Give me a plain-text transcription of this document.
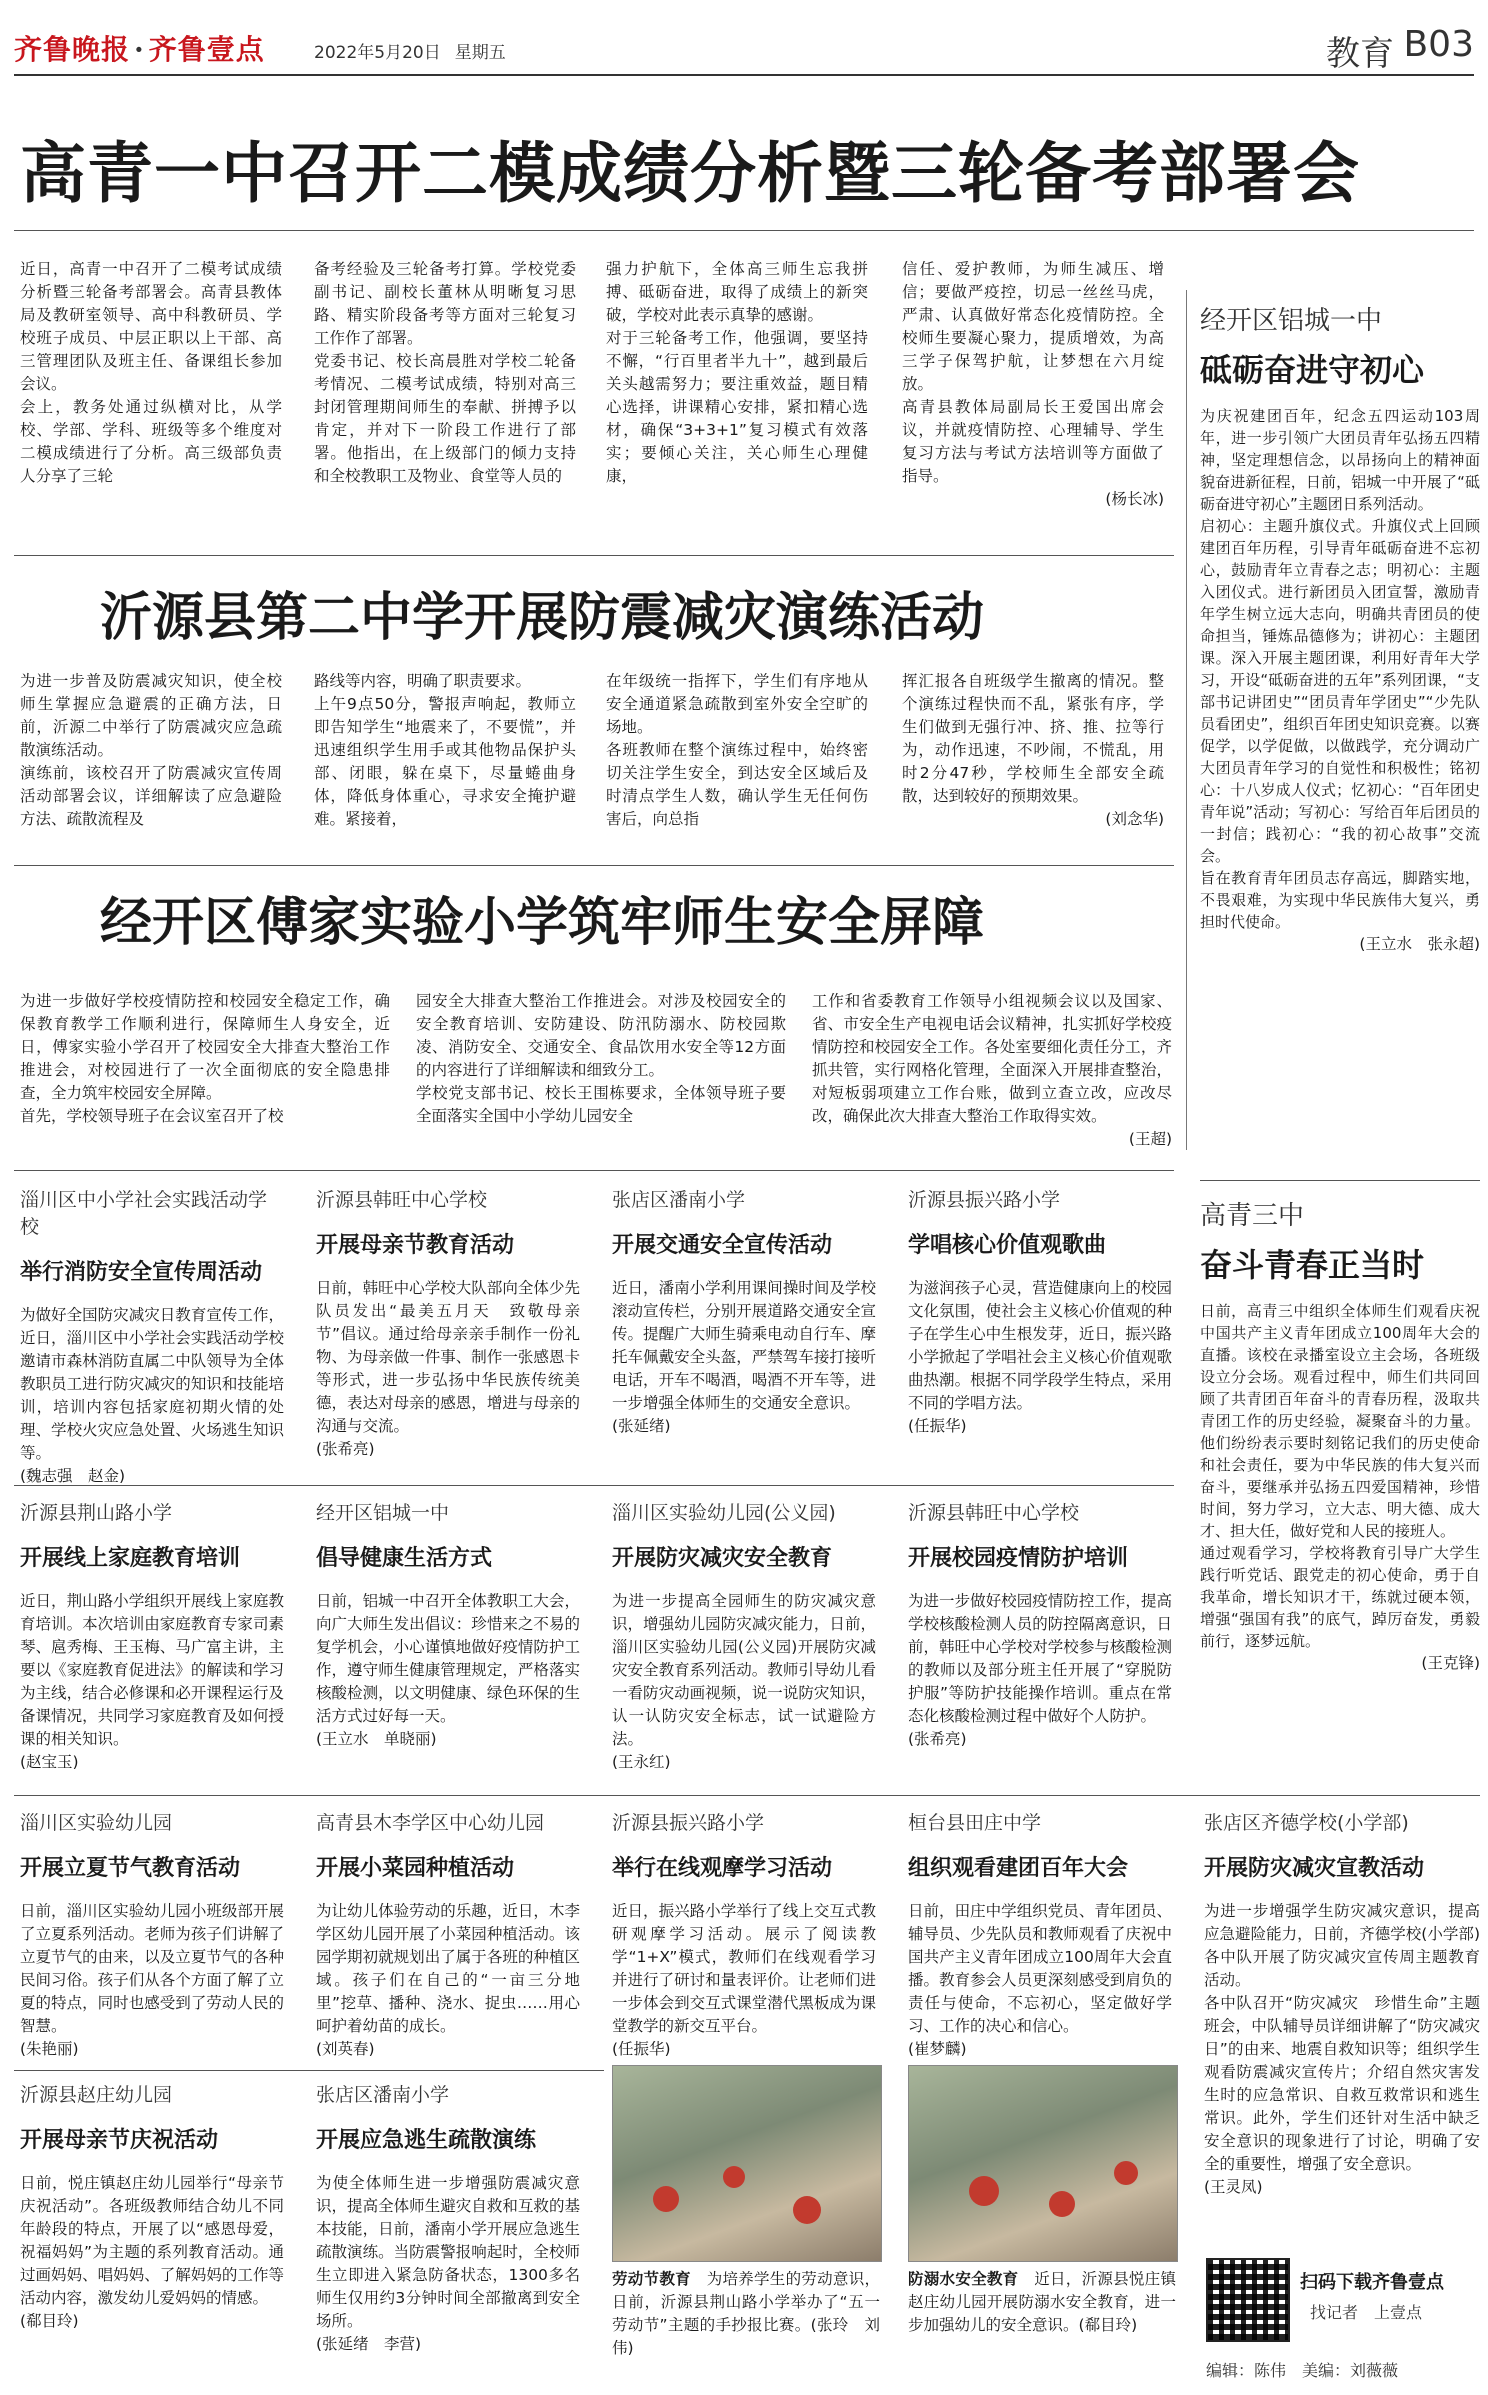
齐鲁晚报 · 齐鲁壹点	2022年5月20日 星期五	教育 B03
高青一中召开二模成绩分析暨三轮备考部署会
近日，高青一中召开了二模考试成绩分析暨三轮备考部署会。高青县教体局及教研室领导、高中科教研员、学校班子成员、中层正职以上干部、高三管理团队及班主任、备课组长参加会议。
会上，教务处通过纵横对比，从学校、学部、学科、班级等多个维度对二模成绩进行了分析。高三级部负责人分享了三轮
备考经验及三轮备考打算。学校党委副书记、副校长董林从明晰复习思路、精实阶段备考等方面对三轮复习工作作了部署。
党委书记、校长高晨胜对学校二轮备考情况、二模考试成绩，特别对高三封闭管理期间师生的奉献、拼搏予以肯定，并对下一阶段工作进行了部署。他指出，在上级部门的倾力支持和全校教职工及物业、食堂等人员的
强力护航下，全体高三师生忘我拼搏、砥砺奋进，取得了成绩上的新突破，学校对此表示真挚的感谢。
对于三轮备考工作，他强调，要坚持不懈，“行百里者半九十”，越到最后关头越需努力；要注重效益，题目精心选择，讲课精心安排，紧扣精心选材，确保“3+3+1”复习模式有效落实；要倾心关注，关心师生心理健康，
信任、爱护教师，为师生减压、增信；要做严疫控，切忌一丝丝马虎，严肃、认真做好常态化疫情防控。全校师生要凝心聚力，提质增效，为高三学子保驾护航，让梦想在六月绽放。
高青县教体局副局长王爱国出席会议，并就疫情防控、心理辅导、学生复习方法与考试方法培训等方面做了指导。

(杨长冰)

沂源县第二中学开展防震减灾演练活动
为进一步普及防震减灾知识，使全校师生掌握应急避震的正确方法，日前，沂源二中举行了防震减灾应急疏散演练活动。
演练前，该校召开了防震减灾宣传周活动部署会议，详细解读了应急避险方法、疏散流程及
路线等内容，明确了职责要求。
上午9点50分，警报声响起，教师立即告知学生“地震来了，不要慌”，并迅速组织学生用手或其他物品保护头部、闭眼，躲在桌下，尽量蜷曲身体，降低身体重心，寻求安全掩护避难。紧接着，
在年级统一指挥下，学生们有序地从安全通道紧急疏散到室外安全空旷的场地。
各班教师在整个演练过程中，始终密切关注学生安全，到达安全区域后及时清点学生人数，确认学生无任何伤害后，向总指
挥汇报各自班级学生撤离的情况。整个演练过程快而不乱，紧张有序，学生们做到无强行冲、挤、推、拉等行为，动作迅速，不吵闹，不慌乱，用时2分47秒，学校师生全部安全疏散，达到较好的预期效果。

(刘念华)

经开区傅家实验小学筑牢师生安全屏障
为进一步做好学校疫情防控和校园安全稳定工作，确保教育教学工作顺利进行，保障师生人身安全，近日，傅家实验小学召开了校园安全大排查大整治工作推进会，对校园进行了一次全面彻底的安全隐患排查，全力筑牢校园安全屏障。
首先，学校领导班子在会议室召开了校
园安全大排查大整治工作推进会。对涉及校园安全的安全教育培训、安防建设、防汛防溺水、防校园欺凌、消防安全、交通安全、食品饮用水安全等12方面的内容进行了详细解读和细致分工。
学校党支部书记、校长王围栋要求，全体领导班子要全面落实全国中小学幼儿园安全
工作和省委教育工作领导小组视频会议以及国家、省、市安全生产电视电话会议精神，扎实抓好学校疫情防控和校园安全工作。各处室要细化责任分工，齐抓共管，实行网格化管理，全面深入开展排查整治，对短板弱项建立工作台账，做到立查立改，应改尽改，确保此次大排查大整治工作取得实效。

(王超)

经开区铝城一中
砥砺奋进守初心
为庆祝建团百年，纪念五四运动103周年，进一步引领广大团员青年弘扬五四精神，坚定理想信念，以昂扬向上的精神面貌奋进新征程，日前，铝城一中开展了“砥砺奋进守初心”主题团日系列活动。
启初心：主题升旗仪式。升旗仪式上回顾建团百年历程，引导青年砥砺奋进不忘初心，鼓励青年立青春之志；明初心：主题入团仪式。进行新团员入团宣誓，激励青年学生树立远大志向，明确共青团员的使命担当，锤炼品德修为；讲初心：主题团课。深入开展主题团课，利用好青年大学习，开设“砥砺奋进的五年”系列团课，“支部书记讲团史”“团员青年学团史”“少先队员看团史”，组织百年团史知识竞赛。以赛促学，以学促做，以做践学，充分调动广大团员青年学习的自觉性和积极性；铭初心：十八岁成人仪式；忆初心：“百年团史青年说”活动；写初心：写给百年后团员的一封信；践初心：“我的初心故事”交流会。
旨在教育青年团员志存高远，脚踏实地，不畏艰难，为实现中华民族伟大复兴，勇担时代使命。
(王立水　张永超)
高青三中
奋斗青春正当时
日前，高青三中组织全体师生们观看庆祝中国共产主义青年团成立100周年大会的直播。该校在录播室设立主会场，各班级设立分会场。观看过程中，师生们共同回顾了共青团百年奋斗的青春历程，汲取共青团工作的历史经验，凝聚奋斗的力量。他们纷纷表示要时刻铭记我们的历史使命和社会责任，要为中华民族的伟大复兴而奋斗，要继承并弘扬五四爱国精神，珍惜时间，努力学习，立大志、明大德、成大才、担大任，做好党和人民的接班人。
通过观看学习，学校将教育引导广大学生践行听党话、跟党走的初心使命，勇于自我革命，增长知识才干，练就过硬本领，增强“强国有我”的底气，踔厉奋发，勇毅前行，逐梦远航。
(王克锋)
淄川区中小学社会实践活动学校
举行消防安全宣传周活动
为做好全国防灾减灾日教育宣传工作，近日，淄川区中小学社会实践活动学校邀请市森林消防直属二中队领导为全体教职员工进行防灾减灾的知识和技能培训，培训内容包括家庭初期火情的处理、学校火灾应急处置、火场逃生知识等。
(魏志强　赵金)
沂源县韩旺中心学校
开展母亲节教育活动
日前，韩旺中心学校大队部向全体少先队员发出“最美五月天　致敬母亲节”倡议。通过给母亲亲手制作一份礼物、为母亲做一件事、制作一张感恩卡等形式，进一步弘扬中华民族传统美德，表达对母亲的感恩，增进与母亲的沟通与交流。
(张希亮)
张店区潘南小学
开展交通安全宣传活动
近日，潘南小学利用课间操时间及学校滚动宣传栏，分别开展道路交通安全宣传。提醒广大师生骑乘电动自行车、摩托车佩戴安全头盔，严禁驾车接打接听电话，开车不喝酒，喝酒不开车等，进一步增强全体师生的交通安全意识。
(张延绪)
沂源县振兴路小学
学唱核心价值观歌曲
为滋润孩子心灵，营造健康向上的校园文化氛围，使社会主义核心价值观的种子在学生心中生根发芽，近日，振兴路小学掀起了学唱社会主义核心价值观歌曲热潮。根据不同学段学生特点，采用不同的学唱方法。
(任振华)
沂源县荆山路小学
开展线上家庭教育培训
近日，荆山路小学组织开展线上家庭教育培训。本次培训由家庭教育专家司素琴、扈秀梅、王玉梅、马广富主讲，主要以《家庭教育促进法》的解读和学习为主线，结合必修课和必开课程运行及备课情况，共同学习家庭教育及如何授课的相关知识。
(赵宝玉)
经开区铝城一中
倡导健康生活方式
日前，铝城一中召开全体教职工大会，向广大师生发出倡议：珍惜来之不易的复学机会，小心谨慎地做好疫情防护工作，遵守师生健康管理规定，严格落实核酸检测，以文明健康、绿色环保的生活方式过好每一天。
(王立水　单晓丽)
淄川区实验幼儿园(公义园)
开展防灾减灾安全教育
为进一步提高全园师生的防灾减灾意识，增强幼儿园防灾减灾能力，日前，淄川区实验幼儿园(公义园)开展防灾减灾安全教育系列活动。教师引导幼儿看一看防灾动画视频，说一说防灾知识，认一认防灾安全标志，试一试避险方法。
(王永红)
沂源县韩旺中心学校
开展校园疫情防护培训
为进一步做好校园疫情防控工作，提高学校核酸检测人员的防控隔离意识，日前，韩旺中心学校对学校参与核酸检测的教师以及部分班主任开展了“穿脱防护服”等防护技能操作培训。重点在常态化核酸检测过程中做好个人防护。
(张希亮)
淄川区实验幼儿园
开展立夏节气教育活动
日前，淄川区实验幼儿园小班级部开展了立夏系列活动。老师为孩子们讲解了立夏节气的由来，以及立夏节气的各种民间习俗。孩子们从各个方面了解了立夏的特点，同时也感受到了劳动人民的智慧。
(朱艳丽)
高青县木李学区中心幼儿园
开展小菜园种植活动
为让幼儿体验劳动的乐趣，近日，木李学区幼儿园开展了小菜园种植活动。该园学期初就规划出了属于各班的种植区域。孩子们在自己的“一亩三分地里”挖草、播种、浇水、捉虫……用心呵护着幼苗的成长。
(刘英春)
沂源县振兴路小学
举行在线观摩学习活动
近日，振兴路小学举行了线上交互式教研观摩学习活动。展示了阅读教学“1+X”模式，教师们在线观看学习并进行了研讨和量表评价。让老师们进一步体会到交互式课堂潜代黑板成为课堂教学的新交互平台。
(任振华)
桓台县田庄中学
组织观看建团百年大会
日前，田庄中学组织党员、青年团员、辅导员、少先队员和教师观看了庆祝中国共产主义青年团成立100周年大会直播。教育参会人员更深刻感受到肩负的责任与使命，不忘初心，坚定做好学习、工作的决心和信心。
(崔梦麟)
张店区齐德学校(小学部)
开展防灾减灾宣教活动
为进一步增强学生防灾减灾意识，提高应急避险能力，日前，齐德学校(小学部)各中队开展了防灾减灾宣传周主题教育活动。
各中队召开“防灾减灾　珍惜生命”主题班会，中队辅导员详细讲解了“防灾减灾日”的由来、地震自救知识等；组织学生观看防震减灾宣传片；介绍自然灾害发生时的应急常识、自救互救常识和逃生常识。此外，学生们还针对生活中缺乏安全意识的现象进行了讨论，明确了安全的重要性，增强了安全意识。
(王灵凤)
沂源县赵庄幼儿园
开展母亲节庆祝活动
日前，悦庄镇赵庄幼儿园举行“母亲节庆祝活动”。各班级教师结合幼儿不同年龄段的特点，开展了以“感恩母爱，祝福妈妈”为主题的系列教育活动。通过画妈妈、唱妈妈、了解妈妈的工作等活动内容，激发幼儿爱妈妈的情感。
(郗目玲)
张店区潘南小学
开展应急逃生疏散演练
为使全体师生进一步增强防震减灾意识，提高全体师生避灾自救和互救的基本技能，日前，潘南小学开展应急逃生疏散演练。当防震警报响起时，全校师生立即进入紧急防备状态，1300多名师生仅用约3分钟时间全部撤离到安全场所。
(张延绪　李营)
劳动节教育　 为培养学生的劳动意识，日前，沂源县荆山路小学举办了“五一劳动节”主题的手抄报比赛。(张玲　刘伟)
防溺水安全教育　 近日，沂源县悦庄镇赵庄幼儿园开展防溺水安全教育，进一步加强幼儿的安全意识。(郗目玲)
扫码下载齐鲁壹点
找记者　上壹点
编辑：陈伟　美编：刘薇薇
